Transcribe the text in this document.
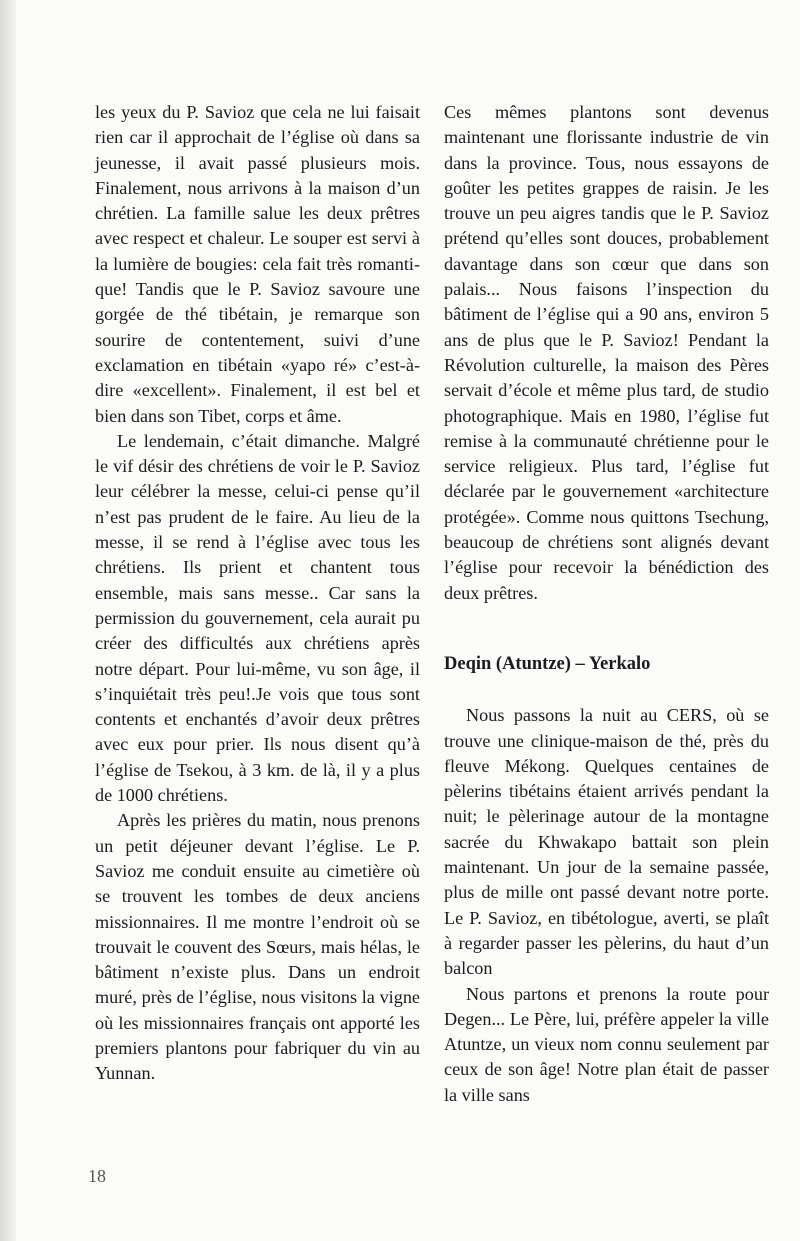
les yeux du P. Savioz que cela ne lui faisait rien car il approchait de l’église où dans sa jeunesse, il avait passé plusieurs mois. Finalement, nous arrivons à la maison d’un chrétien. La famille salue les deux prêtres avec respect et chaleur. Le souper est servi à la lumière de bougies: cela fait très romantique! Tandis que le P. Savioz savoure une gorgée de thé tibétain, je remarque son sourire de contentement, suivi d’une exclamation en tibétain «yapo ré» c’est-à-dire «excellent». Finalement, il est bel et bien dans son Tibet, corps et âme.

Le lendemain, c’était dimanche. Malgré le vif désir des chrétiens de voir le P. Savioz leur célébrer la messe, celui-ci pense qu’il n’est pas prudent de le faire. Au lieu de la messe, il se rend à l’église avec tous les chrétiens. Ils prient et chantent tous ensemble, mais sans messe.. Car sans la permission du gouvernement, cela aurait pu créer des difficultés aux chrétiens après notre départ. Pour lui-même, vu son âge, il s’inquiétait très peu!.Je vois que tous sont contents et enchantés d’avoir deux prêtres avec eux pour prier. Ils nous disent qu’à l’église de Tsekou, à 3 km. de là, il y a plus de 1000 chrétiens.

Après les prières du matin, nous prenons un petit déjeuner devant l’église. Le P. Savioz me conduit ensuite au cimetière où se trouvent les tombes de deux anciens missionnaires. Il me montre l’endroit où se trouvait le couvent des Sœurs, mais hélas, le bâtiment n’existe plus. Dans un endroit muré, près de l’église, nous visitons la vigne où les missionnaires français ont apporté les premiers plantons pour fabriquer du vin au Yunnan.

Ces mêmes plantons sont devenus maintenant une florissante industrie de vin dans la province. Tous, nous essayons de goûter les petites grappes de raisin. Je les trouve un peu aigres tandis que le P. Savioz prétend qu’elles sont douces, probablement davantage dans son cœur que dans son palais... Nous faisons l’inspection du bâtiment de l’église qui a 90 ans, environ 5 ans de plus que le P. Savioz! Pendant la Révolution culturelle, la maison des Pères servait d’école et même plus tard, de studio photographique. Mais en 1980, l’église fut remise à la communauté chrétienne pour le service religieux. Plus tard, l’église fut déclarée par le gouvernement «architecture protégée». Comme nous quittons Tsechung, beaucoup de chrétiens sont alignés devant l’église pour recevoir la bénédiction des deux prêtres.

Deqin (Atuntze) – Yerkalo

Nous passons la nuit au CERS, où se trouve une clinique-maison de thé, près du fleuve Mékong. Quelques centaines de pèlerins tibétains étaient arrivés pendant la nuit; le pèlerinage autour de la montagne sacrée du Khwakapo battait son plein maintenant. Un jour de la semaine passée, plus de mille ont passé devant notre porte. Le P. Savioz, en tibétologue, averti, se plaît à regarder passer les pèlerins, du haut d’un balcon

Nous partons et prenons la route pour Degen... Le Père, lui, préfère appeler la ville Atuntze, un vieux nom connu seulement par ceux de son âge! Notre plan était de passer la ville sans

18
